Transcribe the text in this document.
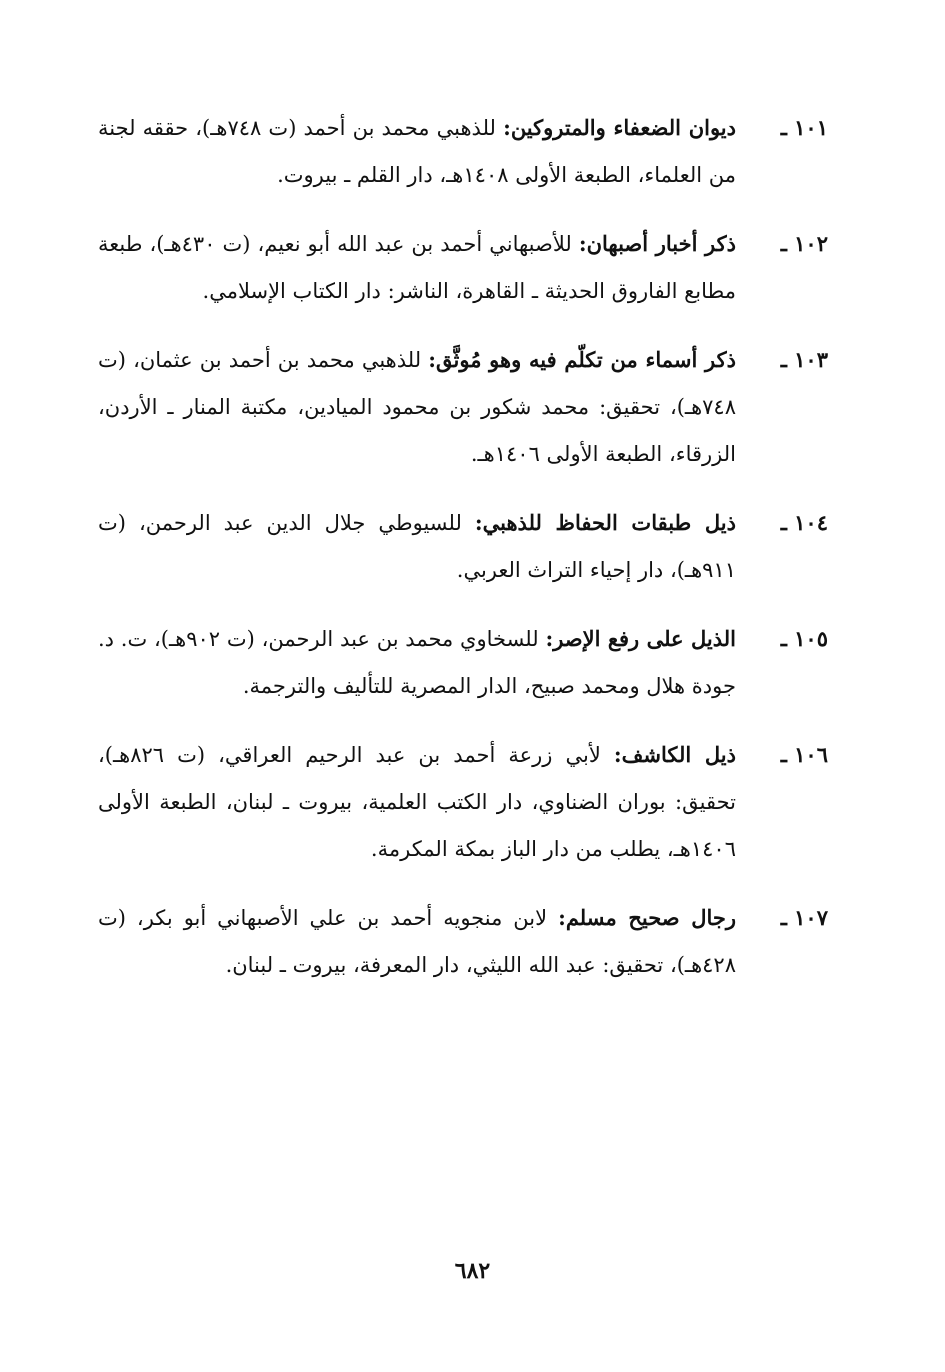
١٠١ ـ
ديوان الضعفاء والمتروكين: للذهبي محمد بن أحمد (ت ٧٤٨هـ)، حققه لجنة من العلماء، الطبعة الأولى ١٤٠٨هـ، دار القلم ـ بيروت.
١٠٢ ـ
ذكر أخبار أصبهان: للأصبهاني أحمد بن عبد الله أبو نعيم، (ت ٤٣٠هـ)، طبعة مطابع الفاروق الحديثة ـ القاهرة، الناشر: دار الكتاب الإسلامي.
١٠٣ ـ
ذكر أسماء من تكلّم فيه وهو مُوثَّق: للذهبي محمد بن أحمد بن عثمان، (ت ٧٤٨هـ)، تحقيق: محمد شكور بن محمود الميادين، مكتبة المنار ـ الأردن، الزرقاء، الطبعة الأولى ١٤٠٦هـ.
١٠٤ ـ
ذيل طبقات الحفاظ للذهبي: للسيوطي جلال الدين عبد الرحمن، (ت ٩١١هـ)، دار إحياء التراث العربي.
١٠٥ ـ
الذيل على رفع الإصر: للسخاوي محمد بن عبد الرحمن، (ت ٩٠٢هـ)، ت. د. جودة هلال ومحمد صبيح، الدار المصرية للتأليف والترجمة.
١٠٦ ـ
ذيل الكاشف: لأبي زرعة أحمد بن عبد الرحيم العراقي، (ت ٨٢٦هـ)، تحقيق: بوران الضناوي، دار الكتب العلمية، بيروت ـ لبنان، الطبعة الأولى ١٤٠٦هـ، يطلب من دار الباز بمكة المكرمة.
١٠٧ ـ
رجال صحيح مسلم: لابن منجويه أحمد بن علي الأصبهاني أبو بكر، (ت ٤٢٨هـ)، تحقيق: عبد الله الليثي، دار المعرفة، بيروت ـ لبنان.
٦٨٢
